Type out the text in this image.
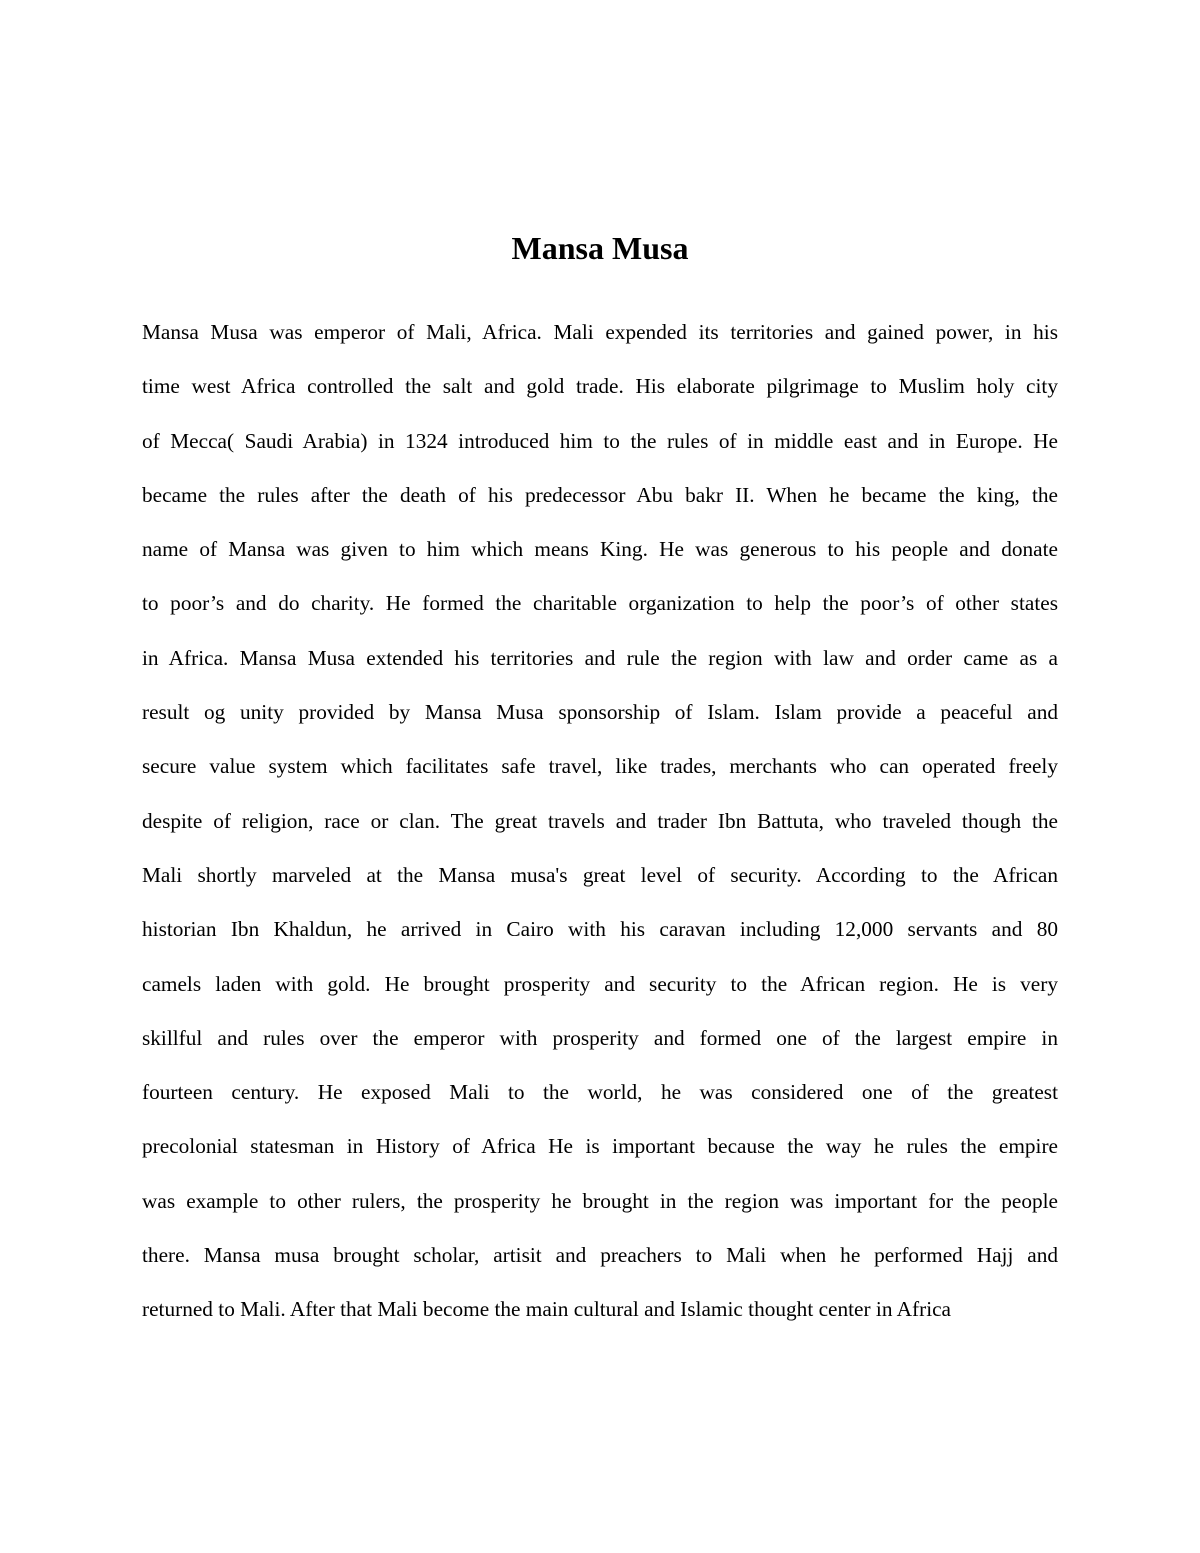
Mansa Musa
Mansa Musa was emperor of Mali, Africa. Mali expended its territories and gained power, in his
time west Africa controlled the salt and gold trade. His elaborate pilgrimage to Muslim holy city
of Mecca( Saudi Arabia) in 1324 introduced him to the rules of in middle east and in Europe. He
became the rules after the death of his predecessor Abu bakr II. When he became the king, the
name of Mansa was given to him which means King. He was generous to his people and donate
to poor’s and do charity. He formed the charitable organization to help the poor’s of other states
in Africa. Mansa Musa extended his territories and rule the region with law and order came as a
result og unity provided by Mansa Musa sponsorship of Islam. Islam provide a peaceful and
secure value system which facilitates safe travel, like trades, merchants who can operated freely
despite of religion, race or clan. The great travels and trader Ibn Battuta, who traveled though the
Mali shortly marveled at the Mansa musa's great level of security. According to the African
historian Ibn Khaldun, he arrived in Cairo with his caravan including 12,000 servants and 80
camels laden with gold. He brought prosperity and security to the African region. He is very
skillful and rules over the emperor with prosperity and formed one of the largest empire in
fourteen century. He exposed Mali to the world, he was considered one of the greatest
precolonial statesman in History of Africa He is important because the way he rules the empire
was example to other rulers, the prosperity he brought in the region was important for the people
there. Mansa musa brought scholar, artisit and preachers to Mali when he performed Hajj and
returned to Mali. After that Mali become the main cultural and Islamic thought center in Africa
